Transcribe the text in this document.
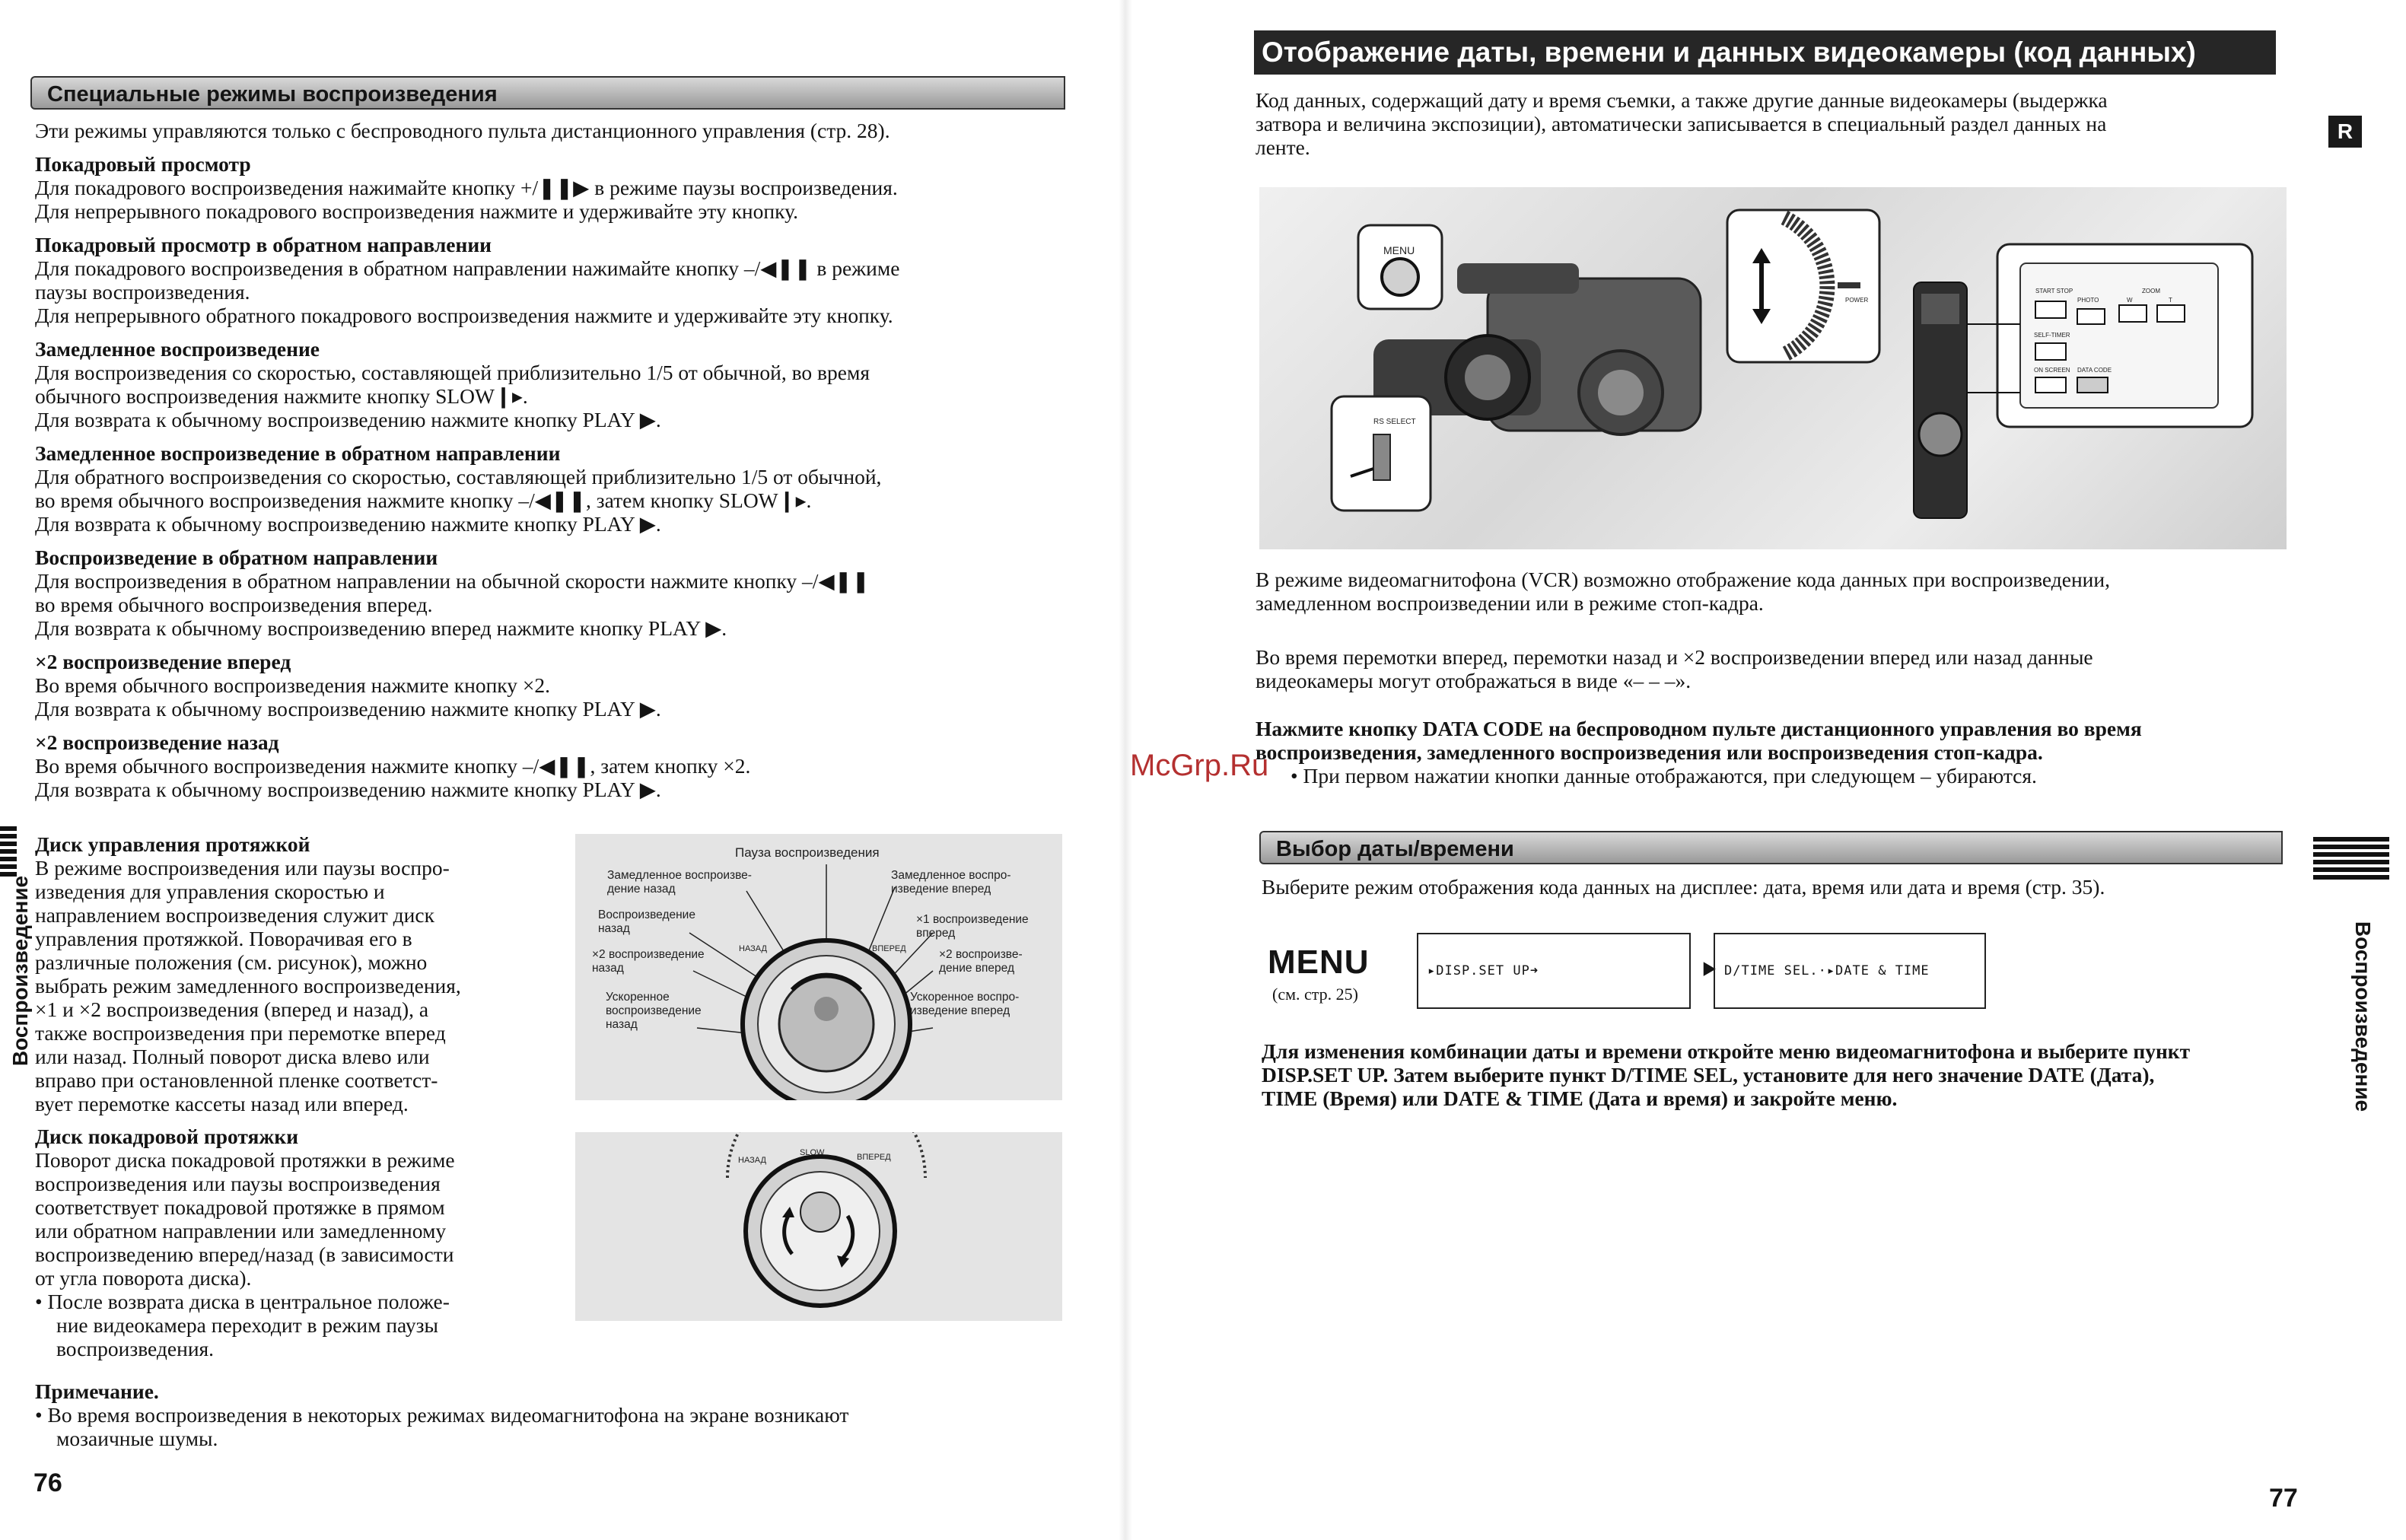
Специальные режимы воспроизведения

Эти режимы управляются только с беспроводного пульта дистанционного управления (стр. 28).

Покадровый просмотр

Для покадрового воспроизведения нажимайте кнопку +/❚❚▶ в режиме паузы воспроизведения.

Для непрерывного покадрового воспроизведения нажмите и удерживайте эту кнопку.

Покадровый просмотр в обратном направлении

Для покадрового воспроизведения в обратном направлении нажимайте кнопку –/◀❚❚ в режиме

паузы воспроизведения.

Для непрерывного обратного покадрового воспроизведения нажмите и удерживайте эту кнопку.

Замедленное воспроизведение

Для воспроизведения со скоростью, составляющей приблизительно 1/5 от обычной, во время

обычного воспроизведения нажмите кнопку SLOW❙▸.

Для возврата к обычному воспроизведению нажмите кнопку PLAY ▶.

Замедленное воспроизведение в обратном направлении

Для обратного воспроизведения со скоростью, составляющей приблизительно 1/5 от обычной,

во время обычного воспроизведения нажмите кнопку –/◀❚❚, затем кнопку SLOW❙▸.

Для возврата к обычному воспроизведению нажмите кнопку PLAY ▶.

Воспроизведение в обратном направлении

Для воспроизведения в обратном направлении на обычной скорости нажмите кнопку –/◀❚❚

во время обычного воспроизведения вперед.

Для возврата к обычному воспроизведению вперед нажмите кнопку PLAY ▶.

×2 воспроизведение вперед

Во время обычного воспроизведения нажмите кнопку ×2.

Для возврата к обычному воспроизведению нажмите кнопку PLAY ▶.

×2 воспроизведение назад

Во время обычного воспроизведения нажмите кнопку –/◀❚❚, затем кнопку ×2.

Для возврата к обычному воспроизведению нажмите кнопку PLAY ▶.

Диск управления протяжкой

В режиме воспроизведения или паузы воспро-

изведения для управления скоростью и

направлением воспроизведения служит диск

управления протяжкой. Поворачивая его в

различные положения (см. рисунок), можно

выбрать режим замедленного воспроизведения,

×1 и ×2 воспроизведения (вперед и назад), а

также воспроизведения при перемотке вперед

или назад. Полный поворот диска влево или

вправо при остановленной пленке соответст-

вует перемотке кассеты назад или вперед.

Диск покадровой протяжки

Поворот диска покадровой протяжки в режиме

воспроизведения или паузы воспроизведения

соответствует покадровой протяжке в прямом

или обратном направлении или замедленному

воспроизведению вперед/назад (в зависимости

от угла поворота диска).

• После возврата диска в центральное положе-

ние видеокамера переходит в режим паузы

воспроизведения.

Пауза воспроизведения
Замедленное воспроизве-
дение назад
Замедленное воспро-
изведение вперед
Воспроизведение
назад
×1 воспроизведение
вперед
×2 воспроизведение
назад
×2 воспроизве-
дение вперед
Ускоренное
воспроизведение
назад
Ускоренное воспро-
изведение вперед
НАЗАД	ВПЕРЕД
НАЗАД
SLOW	ВПЕРЕД

Примечание.

• Во время воспроизведения в некоторых режимах видеомагнитофона на экране возникают

мозаичные шумы.

76
Воспроизведение
Отображение даты, времени и данных видеокамеры (код данных)
R

Код данных, содержащий дату и время съемки, а также другие данные видеокамеры (выдержка

затвора и величина экспозиции), автоматически записывается в специальный раздел данных на

ленте.

MENU
POWER
RS SELECT
START STOP
PHOTO
ZOOM
W	T
SELF-TIMER
ON SCREEN DATA CODE

В режиме видеомагнитофона (VCR) возможно отображение кода данных при воспроизведении,

замедленном воспроизведении или в режиме стоп-кадра.

Во время перемотки вперед, перемотки назад и ×2 воспроизведении вперед или назад данные

видеокамеры могут отображаться в виде «– – –».

Нажмите кнопку DATA CODE на беспроводном пульте дистанционного управления во время

воспроизведения, замедленного воспроизведения или воспроизведения стоп-кадра.

• При первом нажатии кнопки данные отображаются, при следующем – убираются.

McGrp.Ru
Выбор даты/времени

Выберите режим отображения кода данных на дисплее: дата, время или дата и время (стр. 35).

MENU
(см. стр. 25)
▸DISP.SET UP➜	⯈ D/TIME SEL.·▸DATE & TIME

Для изменения комбинации даты и времени откройте меню видеомагнитофона и выберите пункт

DISP.SET UP. Затем выберите пункт D/TIME SEL, установите для него значение DATE (Дата),

TIME (Время) или DATE & TIME (Дата и время) и закройте меню.	Воспроизведение
77
